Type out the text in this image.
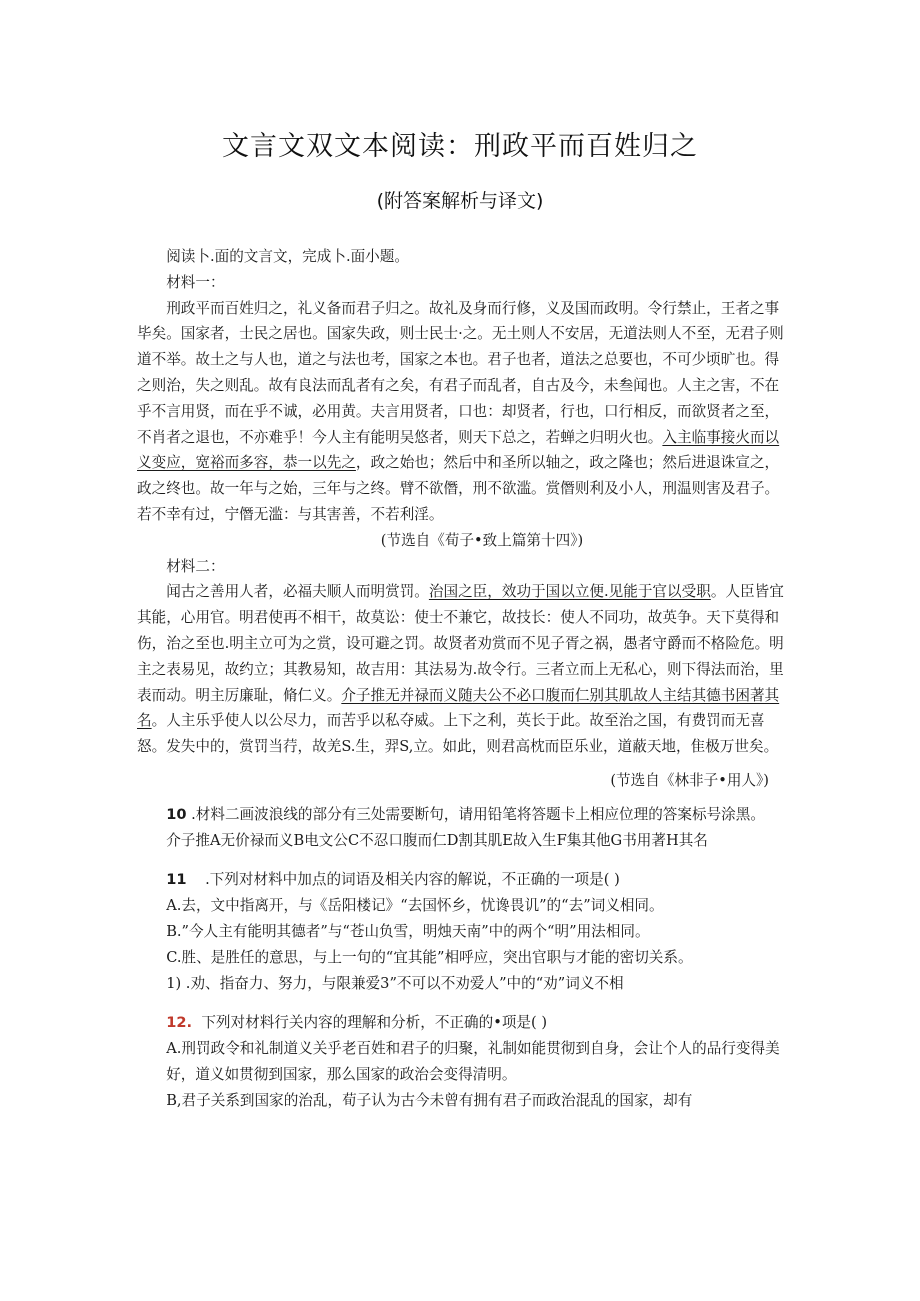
文言文双文本阅读：刑政平而百姓归之
(附答案解析与译文)

阅读卜.面的文言文，完成卜.面小题。

材料一：

刑政平而百姓归之，礼义备而君子归之。故礼及身而行修，义及国而政明。令行禁止，王者之事毕矣。国家者，士民之居也。国家失政，则士民士·之。无土则人不安居，无道法则人不至，无君子则道不举。故土之与人也，道之与法也考，国家之本也。君子也者，道法之总要也，不可少顷旷也。得之则治，失之则乱。故有良法而乱者有之矣，有君子而乱者，自古及今，未叁闻也。人主之害，不在乎不言用贤，而在乎不诚，必用黄。夫言用贤者，口也：却贤者，行也，口行相反，而欲贤者之至，不肖者之退也，不亦难乎！今人主有能明吴悠者，则天下总之，若蝉之归明火也。入主临事接火而以义变应，宽裕而多容，恭一以先之，政之始也；然后中和圣所以轴之，政之隆也；然后进退诛宣之，政之终也。故一年与之始，三年与之终。臂不欲僭，刑不欲滥。赏僭则利及小人，刑温则害及君子。若不幸有过，宁僭无滥：与其害善，不若利淫。

(节选自《荀子•致上篇第十四》)

材料二：

闻古之善用人者，必福夫顺人而明赏罚。治国之臣，效功于国以立便.见能于官以受职。人臣皆宜其能，心用官。明君使再不相干，故莫讼：使士不兼它，故技长：使人不同功，故英争。天下莫得和伤，治之至也.明主立可为之赏，设可避之罚。故贤者劝赏而不见子胥之祸，愚者守爵而不格险危。明主之表易见，故约立；其教易知，故吉用：其法易为.故令行。三者立而上无私心，则下得法而治，里表而动。明主厉廉耻，脩仁义。介子推无并禄而义随夫公不必口腹而仁别其肌故人主结其德书困著其名。人主乐乎使人以公尽力，而苦乎以私夺威。上下之利，英长于此。故至治之国，有费罚而无喜怒。发失中的，赏罚当荇，故羌S.生，羿S,立。如此，则君高枕而臣乐业，道蔽天地，隹极万世矣。

(节选自《林非子•用人》)

10 .材料二画波浪线的部分有三处需要断句，请用铅笔将答题卡上相应位理的答案标号涂黑。

介子推A无价禄而义B电文公C不忍口腹而仁D割其肌E故入生F集其他G书用著H其名

11 .下列对材料中加点的词语及相关内容的解说，不正确的一项是( )

A.去，文中指离开，与《岳阳楼记》“去国怀乡，忧谗畏讥”的“去”词义相同。

B.”今人主有能明其德者”与“苍山负雪，明烛天南”中的两个“明”用法相同。

C.胜、是胜任的意思，与上一句的“宜其能”相呼应，突出官职与才能的密切关系。

1) .劝、指奋力、努力，与限兼爱3”不可以不劝爱人”中的“劝”词义不相

12. 下列对材料行关内容的理解和分析，不正确的•项是( )

A.刑罚政令和礼制道义关乎老百姓和君子的归聚，礼制如能贯彻到自身，会让个人的品行变得美好，道义如贯彻到国家，那么国家的政治会变得清明。

B,君子关系到国家的治乱，荀子认为古今未曾有拥有君子而政治混乱的国家，却有
